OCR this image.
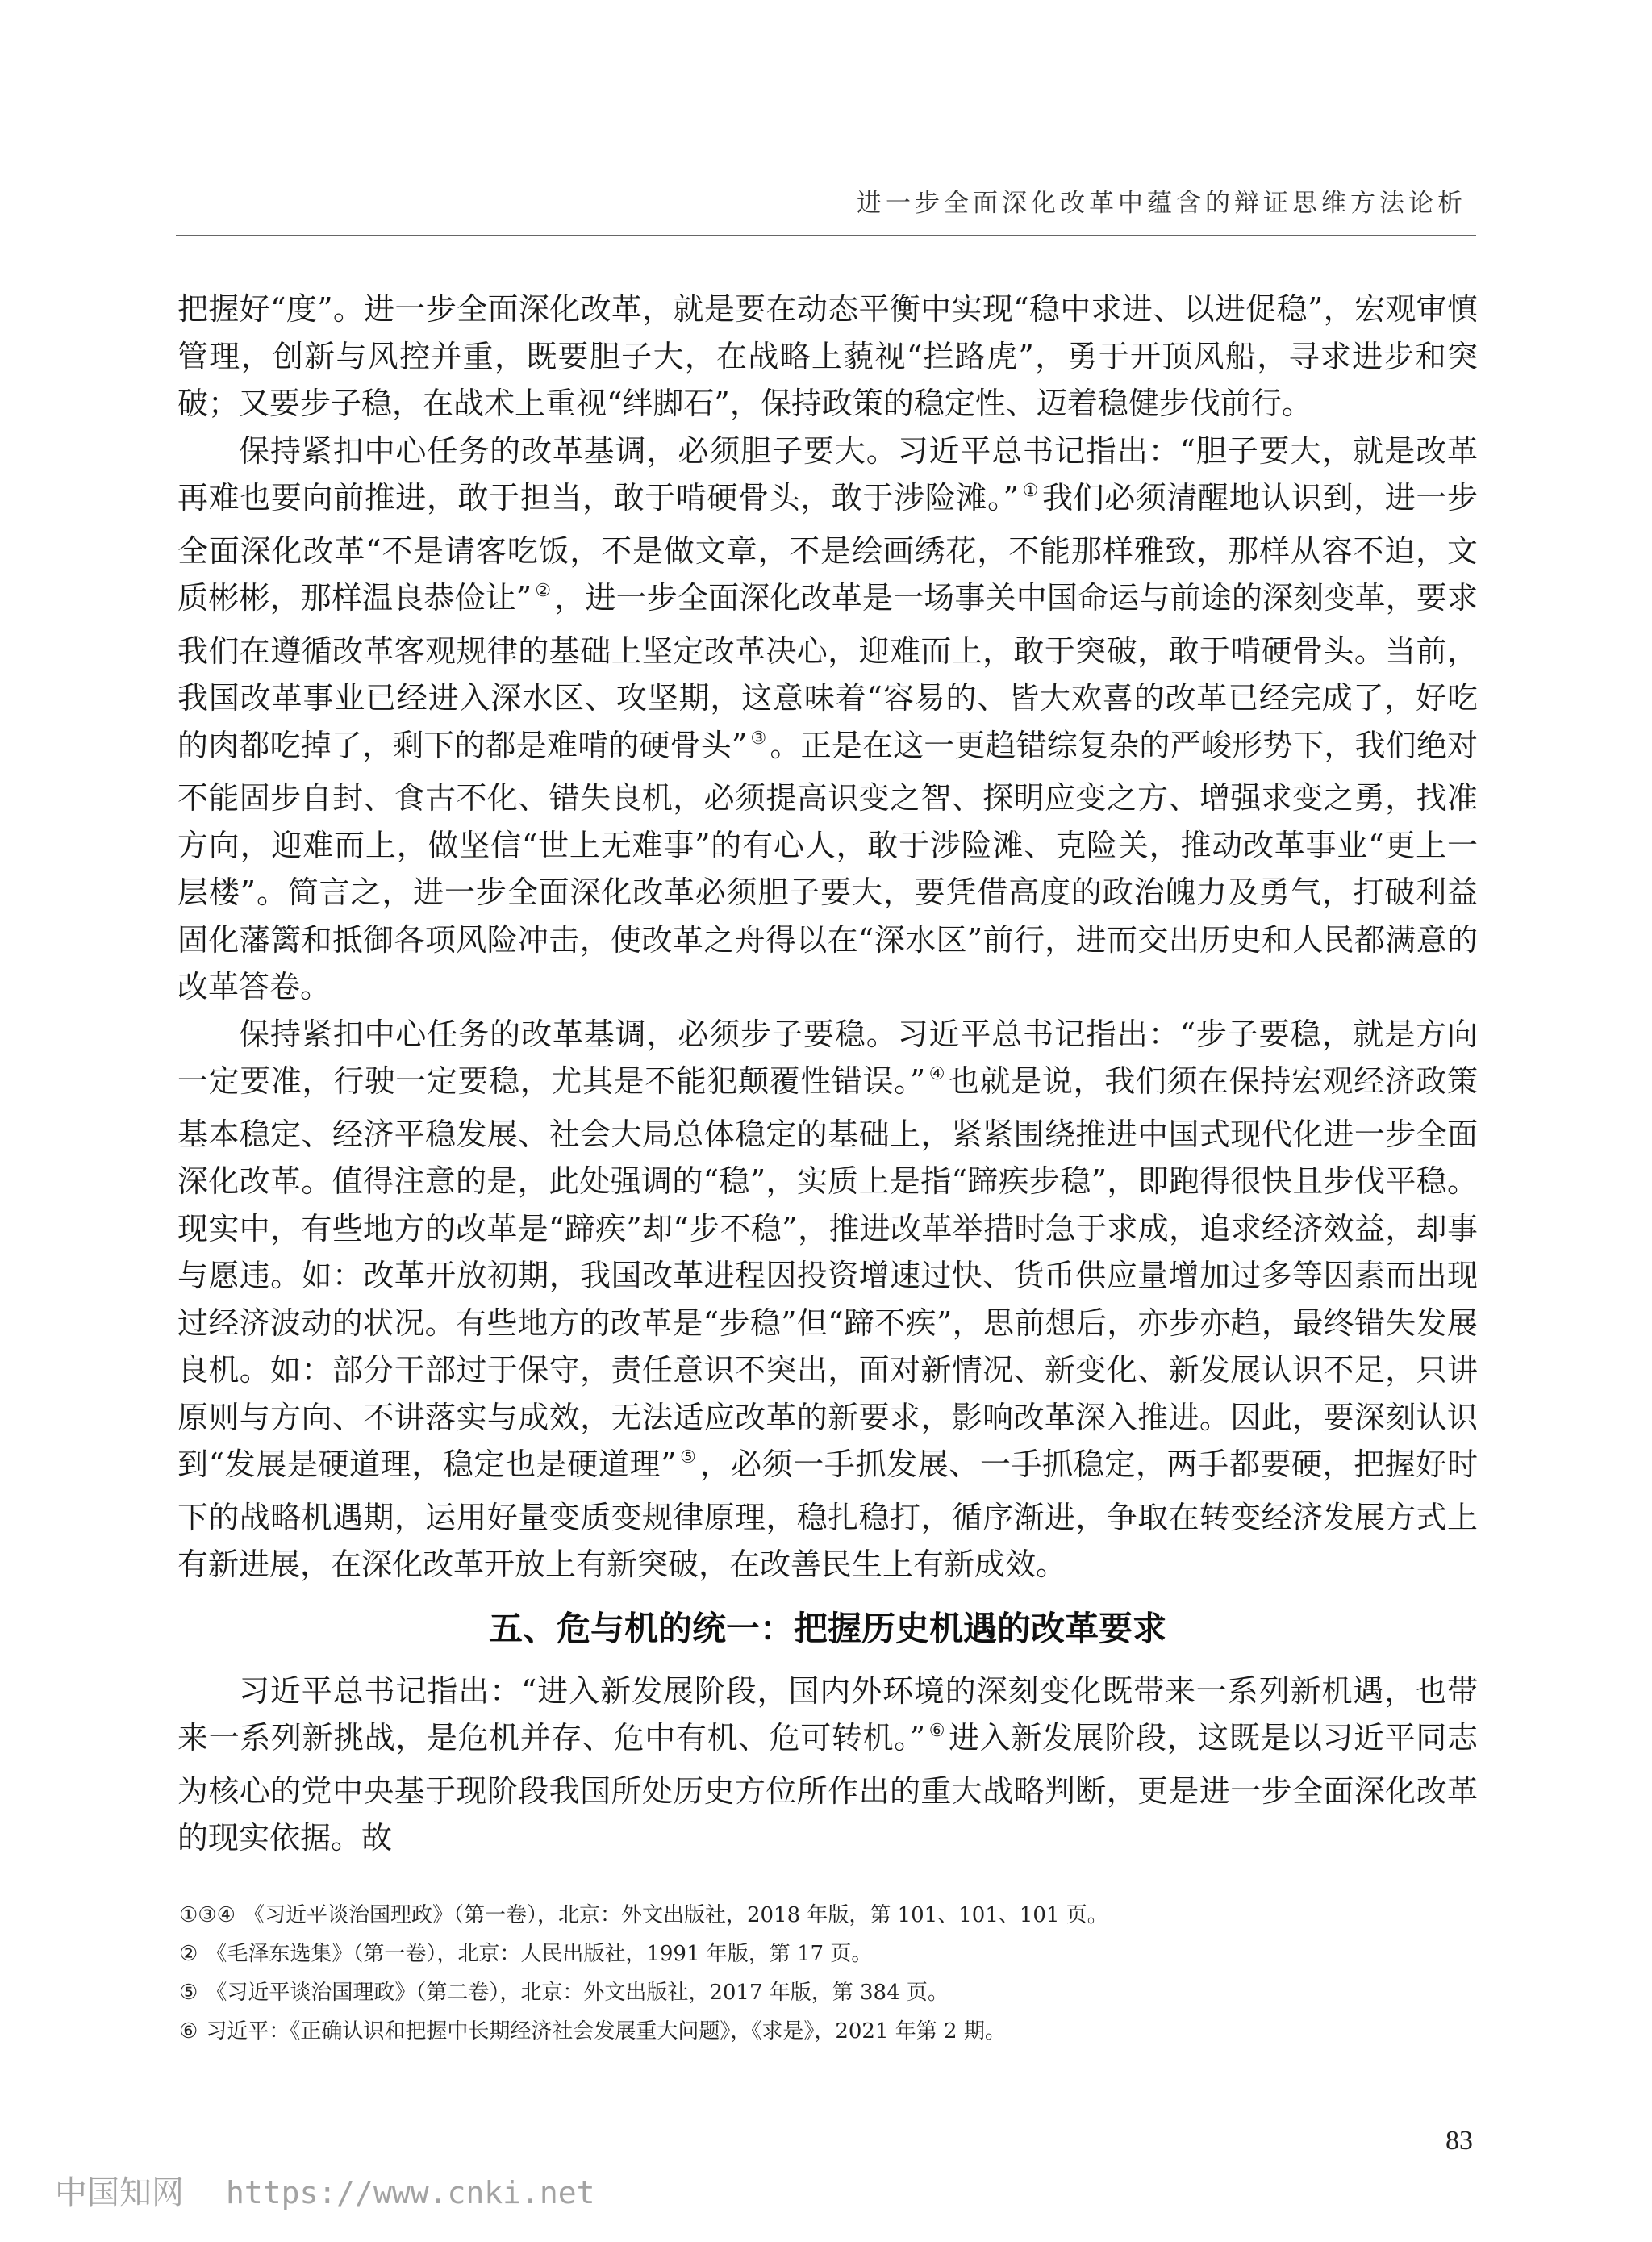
进一步全面深化改革中蕴含的辩证思维方法论析

把握好“度”。进一步全面深化改革，就是要在动态平衡中实现“稳中求进、以进促稳”，宏观审慎管理，创新与风控并重，既要胆子大，在战略上藐视“拦路虎”，勇于开顶风船，寻求进步和突破；又要步子稳，在战术上重视“绊脚石”，保持政策的稳定性、迈着稳健步伐前行。

保持紧扣中心任务的改革基调，必须胆子要大。习近平总书记指出：“胆子要大，就是改革再难也要向前推进，敢于担当，敢于啃硬骨头，敢于涉险滩。” ① 我们必须清醒地认识到，进一步全面深化改革“不是请客吃饭，不是做文章，不是绘画绣花，不能那样雅致，那样从容不迫，文质彬彬，那样温良恭俭让” ② ，进一步全面深化改革是一场事关中国命运与前途的深刻变革，要求我们在遵循改革客观规律的基础上坚定改革决心，迎难而上，敢于突破，敢于啃硬骨头。当前，我国改革事业已经进入深水区、攻坚期，这意味着“容易的、皆大欢喜的改革已经完成了，好吃的肉都吃掉了，剩下的都是难啃的硬骨头” ③ 。正是在这一更趋错综复杂的严峻形势下，我们绝对不能固步自封、食古不化、错失良机，必须提高识变之智、探明应变之方、增强求变之勇，找准方向，迎难而上，做坚信“世上无难事”的有心人，敢于涉险滩、克险关，推动改革事业“更上一层楼”。简言之，进一步全面深化改革必须胆子要大，要凭借高度的政治魄力及勇气，打破利益固化藩篱和抵御各项风险冲击，使改革之舟得以在“深水区”前行，进而交出历史和人民都满意的改革答卷。

保持紧扣中心任务的改革基调，必须步子要稳。习近平总书记指出：“步子要稳，就是方向一定要准，行驶一定要稳，尤其是不能犯颠覆性错误。” ④ 也就是说，我们须在保持宏观经济政策基本稳定、经济平稳发展、社会大局总体稳定的基础上，紧紧围绕推进中国式现代化进一步全面深化改革。值得注意的是，此处强调的“稳”，实质上是指“蹄疾步稳”，即跑得很快且步伐平稳。现实中，有些地方的改革是“蹄疾”却“步不稳”，推进改革举措时急于求成，追求经济效益，却事与愿违。如：改革开放初期，我国改革进程因投资增速过快、货币供应量增加过多等因素而出现过经济波动的状况。有些地方的改革是“步稳”但“蹄不疾”，思前想后，亦步亦趋，最终错失发展良机。如：部分干部过于保守，责任意识不突出，面对新情况、新变化、新发展认识不足，只讲原则与方向、不讲落实与成效，无法适应改革的新要求，影响改革深入推进。因此，要深刻认识到“发展是硬道理，稳定也是硬道理” ⑤ ，必须一手抓发展、一手抓稳定，两手都要硬，把握好时下的战略机遇期，运用好量变质变规律原理，稳扎稳打，循序渐进，争取在转变经济发展方式上有新进展，在深化改革开放上有新突破，在改善民生上有新成效。

五、危与机的统一：把握历史机遇的改革要求

习近平总书记指出：“进入新发展阶段，国内外环境的深刻变化既带来一系列新机遇，也带来一系列新挑战，是危机并存、危中有机、危可转机。” ⑥ 进入新发展阶段，这既是以习近平同志为核心的党中央基于现阶段我国所处历史方位所作出的重大战略判断，更是进一步全面深化改革的现实依据。故

①③④ 《习近平谈治国理政》（第一卷），北京：外文出版社，2018 年版，第 101、101、101 页。
② 《毛泽东选集》（第一卷），北京：人民出版社，1991 年版，第 17 页。
⑤ 《习近平谈治国理政》（第二卷），北京：外文出版社，2017 年版，第 384 页。
⑥ 习近平：《正确认识和把握中长期经济社会发展重大问题》，《求是》，2021 年第 2 期。
83
中国知网 https://www.cnki.net
